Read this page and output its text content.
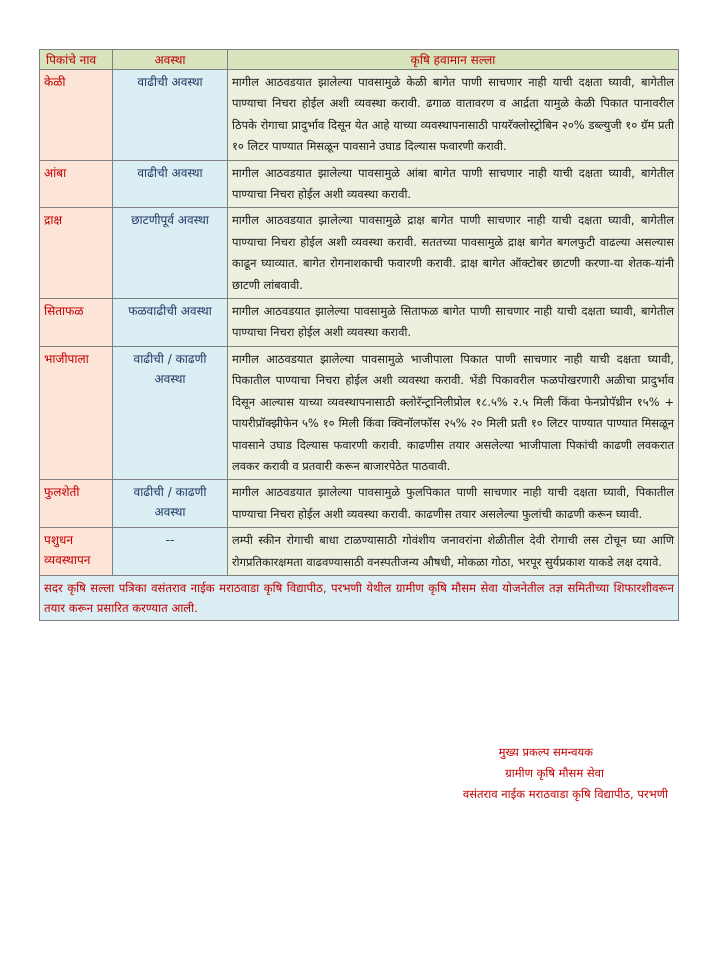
पिकांचे नाव	अवस्था	कृषि हवामान सल्ला
केळी	वाढीची अवस्था	मागील आठवडयात झालेल्या पावसामुळे केळी बागेत पाणी साचणार नाही याची दक्षता घ्यावी, बागेतील पाण्याचा निचरा होईल अशी व्यवस्था करावी. ढगाळ वातावरण व आर्द्रता यामुळे केळी पिकात पानावरील ठिपके रोगाचा प्रादुर्भाव दिसून येत आहे याच्या व्यवस्थापनासाठी पायरॅक्लोस्ट्रोबिन २०% डब्ल्युजी १० ग्रॅम प्रती १० लिटर पाण्यात मिसळून पावसाने उघाड दिल्यास फवारणी करावी.
आंबा	वाढीची अवस्था	मागील आठवडयात झालेल्या पावसामुळे आंबा बागेत पाणी साचणार नाही याची दक्षता घ्यावी, बागेतील पाण्याचा निचरा होईल अशी व्यवस्था करावी.
द्राक्ष	छाटणीपूर्व अवस्था	मागील आठवडयात झालेल्या पावसामुळे द्राक्ष बागेत पाणी साचणार नाही याची दक्षता घ्यावी, बागेतील पाण्याचा निचरा होईल अशी व्यवस्था करावी. सततच्या पावसामुळे द्राक्ष बागेत बगलफुटी वाढल्या असल्यास काढून घ्याव्यात. बागेत रोगनाशकाची फवारणी करावी. द्राक्ष बागेत ऑक्टोबर छाटणी करणा-या शेतक-यांनी छाटणी लांबवावी.
सिताफळ	फळवाढीची अवस्था	मागील आठवडयात झालेल्या पावसामुळे सिताफळ बागेत पाणी साचणार नाही याची दक्षता घ्यावी, बागेतील पाण्याचा निचरा होईल अशी व्यवस्था करावी.
भाजीपाला	वाढीची / काढणी अवस्था	मागील आठवडयात झालेल्या पावसामुळे भाजीपाला पिकात पाणी साचणार नाही याची दक्षता घ्यावी, पिकातील पाण्याचा निचरा होईल अशी व्यवस्था करावी. भेंडी पिकावरील फळपोखरणारी अळीचा प्रादुर्भाव दिसून आल्यास याच्या व्यवस्थापनासाठी क्लोरॅन्ट्रानिलीप्रोल १८.५% २.५ मिली किंवा फेनप्रोपॅथ्रीन १५% + पायरीप्रॉक्झीफेन ५% १० मिली किंवा क्विनॉलफॉस २५% २० मिली प्रती १० लिटर पाण्यात पाण्यात मिसळून पावसाने उघाड दिल्यास फवारणी करावी. काढणीस तयार असलेल्या भाजीपाला पिकांची काढणी लवकरात लवकर करावी व प्रतवारी करून बाजारपेठेत पाठवावी.
फुलशेती	वाढीची / काढणी अवस्था	मागील आठवडयात झालेल्या पावसामुळे फुलपिकात पाणी साचणार नाही याची दक्षता घ्यावी, पिकातील पाण्याचा निचरा होईल अशी व्यवस्था करावी. काढणीस तयार असलेल्या फुलांची काढणी करून घ्यावी.
पशुधन व्यवस्थापन	--	लम्पी स्कीन रोगाची बाधा टाळण्यासाठी गोवंशीय जनावरांना शेळीतील देवी रोगाची लस टोचून घ्या आणि रोगप्रतिकारक्षमता वाढवण्यासाठी वनस्पतीजन्य औषधी, मोकळा गोठा, भरपूर सुर्यप्रकाश याकडे लक्ष दयावे.
सदर कृषि सल्ला पत्रिका वसंतराव नाईक मराठवाडा कृषि विद्यापीठ, परभणी येथील ग्रामीण कृषि मौसम सेवा योजनेतील तज्ञ समितीच्या शिफारशीवरून तयार करून प्रसारित करण्यात आली.		
मुख्य प्रकल्प समन्वयक
ग्रामीण कृषि मौसम सेवा
वसंतराव नाईक मराठवाडा कृषि विद्यापीठ, परभणी
